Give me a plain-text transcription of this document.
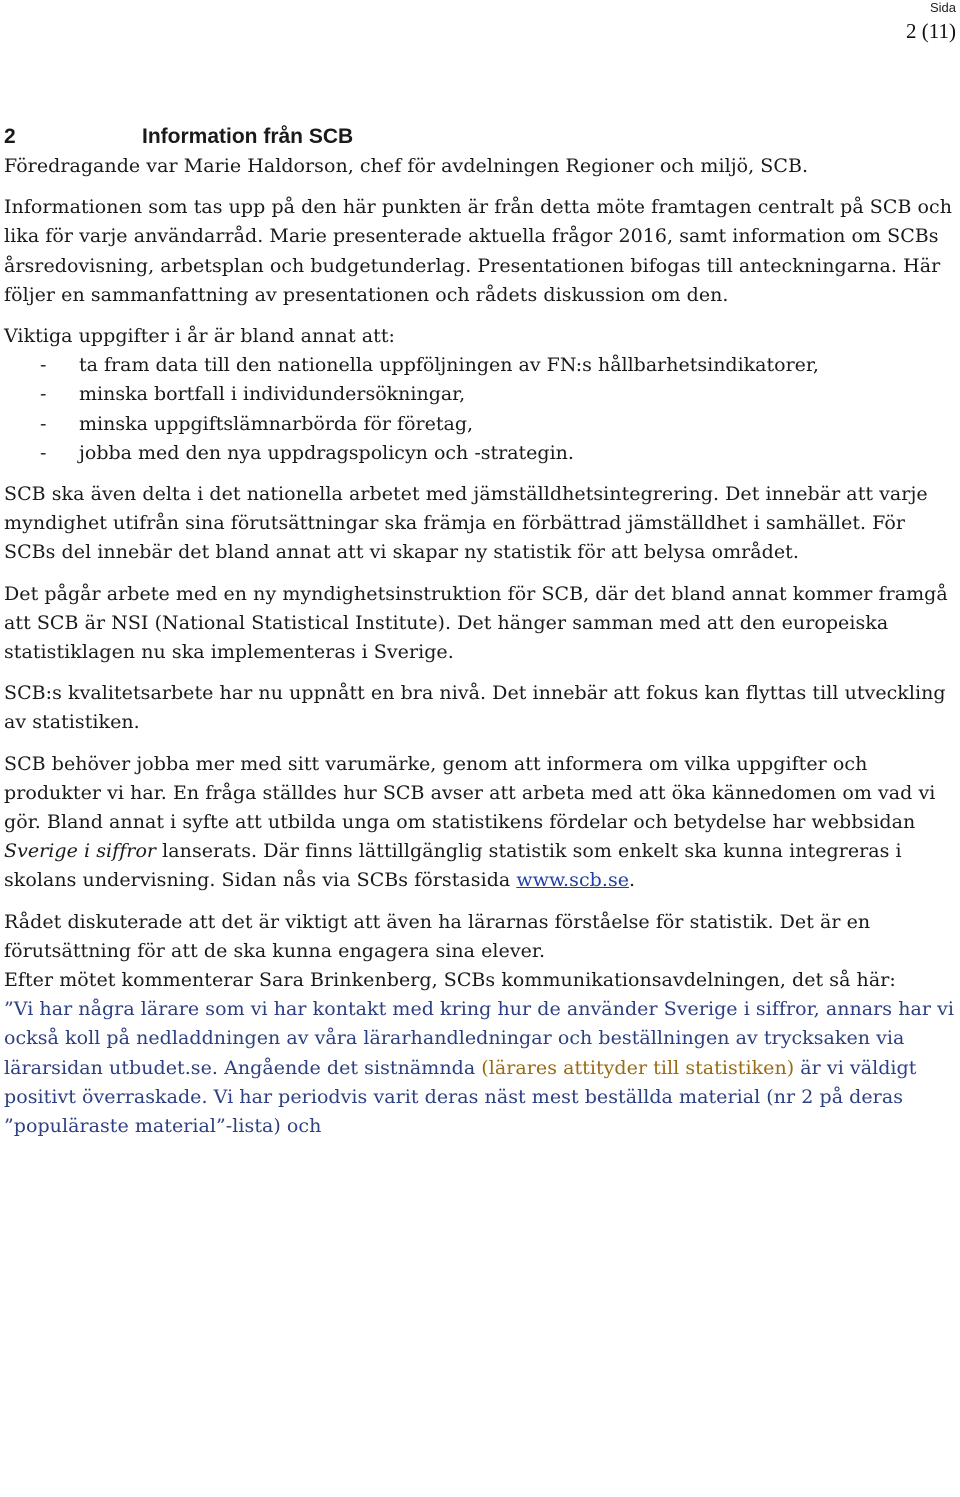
Sida
2 (11)
2	Information från SCB

Föredragande var Marie Haldorson, chef för avdelningen Regioner och miljö, SCB.

Informationen som tas upp på den här punkten är från detta möte framtagen centralt på SCB och lika för varje användarråd. Marie presenterade aktuella frågor 2016, samt information om SCBs årsredovisning, arbetsplan och budgetunderlag. Presentationen bifogas till anteckningarna. Här följer en sammanfattning av presentationen och rådets diskussion om den.

Viktiga uppgifter i år är bland annat att:

-	ta fram data till den nationella uppföljningen av FN:s hållbarhetsindikatorer,
-	minska bortfall i individundersökningar,
-	minska uppgiftslämnarbörda för företag,
-	jobba med den nya uppdragspolicyn och -strategin.

SCB ska även delta i det nationella arbetet med jämställdhetsintegrering. Det innebär att varje myndighet utifrån sina förutsättningar ska främja en förbättrad jämställdhet i samhället. För SCBs del innebär det bland annat att vi skapar ny statistik för att belysa området.

Det pågår arbete med en ny myndighetsinstruktion för SCB, där det bland annat kommer framgå att SCB är NSI (National Statistical Institute). Det hänger samman med att den europeiska statistiklagen nu ska implementeras i Sverige.

SCB:s kvalitetsarbete har nu uppnått en bra nivå. Det innebär att fokus kan flyttas till utveckling av statistiken.

SCB behöver jobba mer med sitt varumärke, genom att informera om vilka uppgifter och produkter vi har. En fråga ställdes hur SCB avser att arbeta med att öka kännedomen om vad vi gör. Bland annat i syfte att utbilda unga om statistikens fördelar och betydelse har webbsidan Sverige i siffror lanserats. Där finns lättillgänglig statistik som enkelt ska kunna integreras i skolans undervisning. Sidan nås via SCBs förstasida www.scb.se.

Rådet diskuterade att det är viktigt att även ha lärarnas förståelse för statistik. Det är en förutsättning för att de ska kunna engagera sina elever.

Efter mötet kommenterar Sara Brinkenberg, SCBs kommunikationsavdelningen, det så här:

”Vi har några lärare som vi har kontakt med kring hur de använder Sverige i siffror, annars har vi också koll på nedladdningen av våra lärarhandledningar och beställningen av trycksaken via lärarsidan utbudet.se. Angående det sistnämnda (lärares attityder till statistiken) är vi väldigt positivt överraskade. Vi har periodvis varit deras näst mest beställda material (nr 2 på deras ”populäraste material”-lista) och
